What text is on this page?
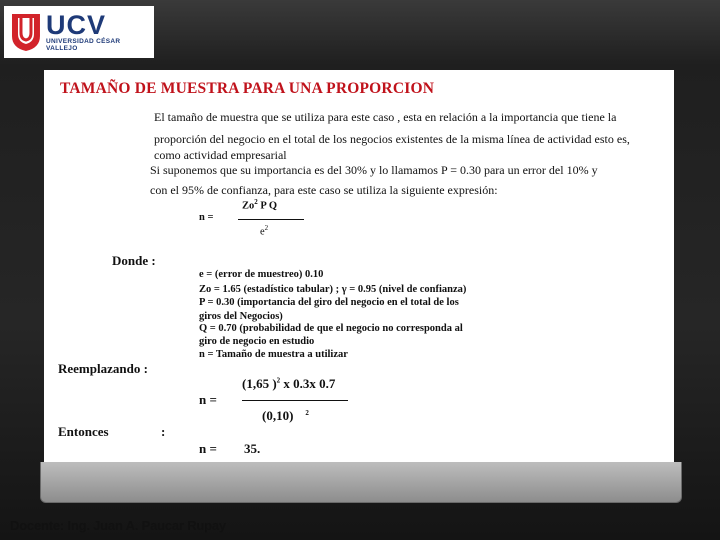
UCV
UNIVERSIDAD CÉSAR VALLEJO
TAMAÑO DE MUESTRA PARA UNA PROPORCION
El tamaño de muestra que se utiliza para este caso , esta en relación a la importancia que tiene la
proporción del negocio en el total de los negocios existentes de la misma línea de actividad esto es,
como actividad empresarial
Si suponemos que su importancia es del 30% y lo llamamos P = 0.30 para un error del 10% y
con el 95% de confianza, para este caso se utiliza la siguiente expresión:
Zo$^2$ P Q
n =
$e^2$
Donde :
e = (error de muestreo) 0.10
Zo = 1.65 (estadístico tabular) ; γ = 0.95 (nivel de confianza)
P = 0.30 (importancia del giro del negocio en el total de los
giros del Negocios)
Q = 0.70 (probabilidad de que el negocio no corresponda al
giro de negocio en estudio
n = Tamaño de muestra a utilizar
Reemplazando :
(1,65 )$^2$ x 0.3x 0.7
n =
(0,10) $^2$
Entonces	:
n = 35.
Docente: Ing. Juan A. Paucar Rupay
